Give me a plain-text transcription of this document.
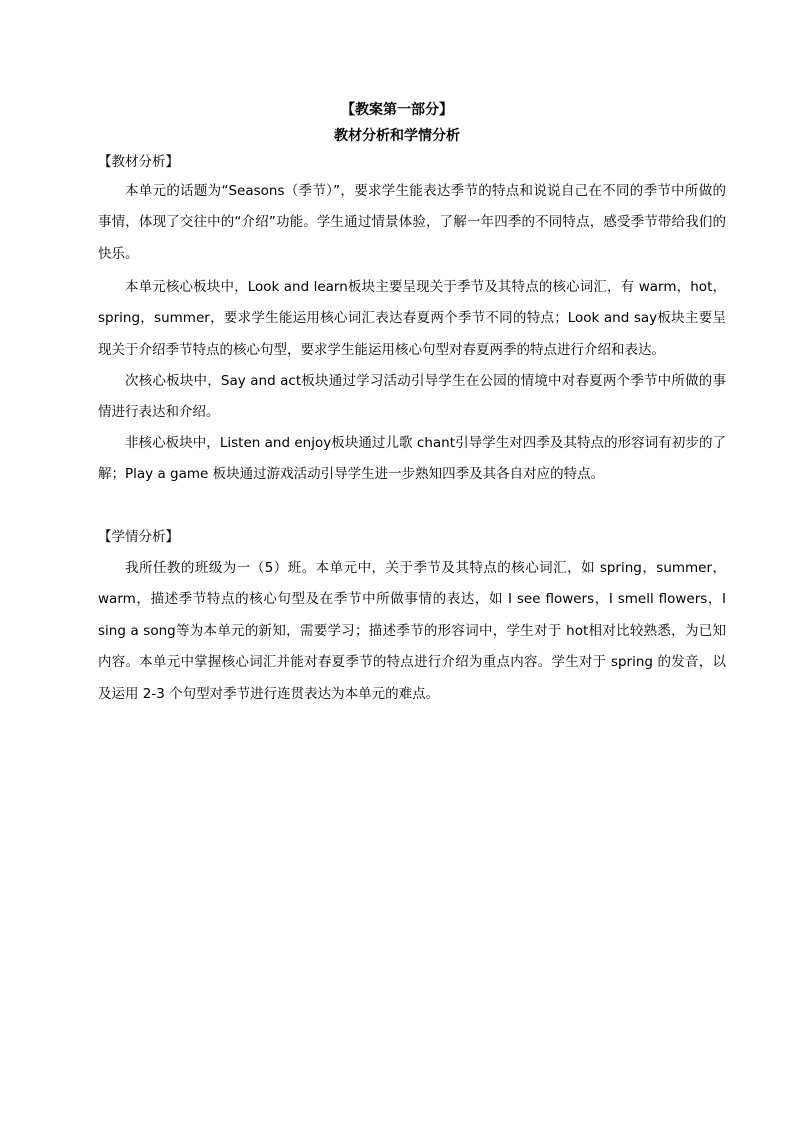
【教案第一部分】
教材分析和学情分析
【教材分析】

本单元的话题为“Seasons（季节）”，要求学生能表达季节的特点和说说自己在不同的季节中所做的事情，体现了交往中的“介绍”功能。学生通过情景体验，了解一年四季的不同特点，感受季节带给我们的快乐。

本单元核心板块中，Look and learn板块主要呈现关于季节及其特点的核心词汇，有 warm，hot，spring，summer，要求学生能运用核心词汇表达春夏两个季节不同的特点；Look and say板块主要呈现关于介绍季节特点的核心句型，要求学生能运用核心句型对春夏两季的特点进行介绍和表达。

次核心板块中，Say and act板块通过学习活动引导学生在公园的情境中对春夏两个季节中所做的事情进行表达和介绍。

非核心板块中，Listen and enjoy板块通过儿歌 chant引导学生对四季及其特点的形容词有初步的了解；Play a game 板块通过游戏活动引导学生进一步熟知四季及其各自对应的特点。

【学情分析】

我所任教的班级为一（5）班。本单元中，关于季节及其特点的核心词汇，如 spring，summer，warm，描述季节特点的核心句型及在季节中所做事情的表达，如 I see flowers，I smell flowers，I sing a song等为本单元的新知，需要学习；描述季节的形容词中，学生对于 hot相对比较熟悉，为已知内容。本单元中掌握核心词汇并能对春夏季节的特点进行介绍为重点内容。学生对于 spring 的发音，以及运用 2-3 个句型对季节进行连贯表达为本单元的难点。
